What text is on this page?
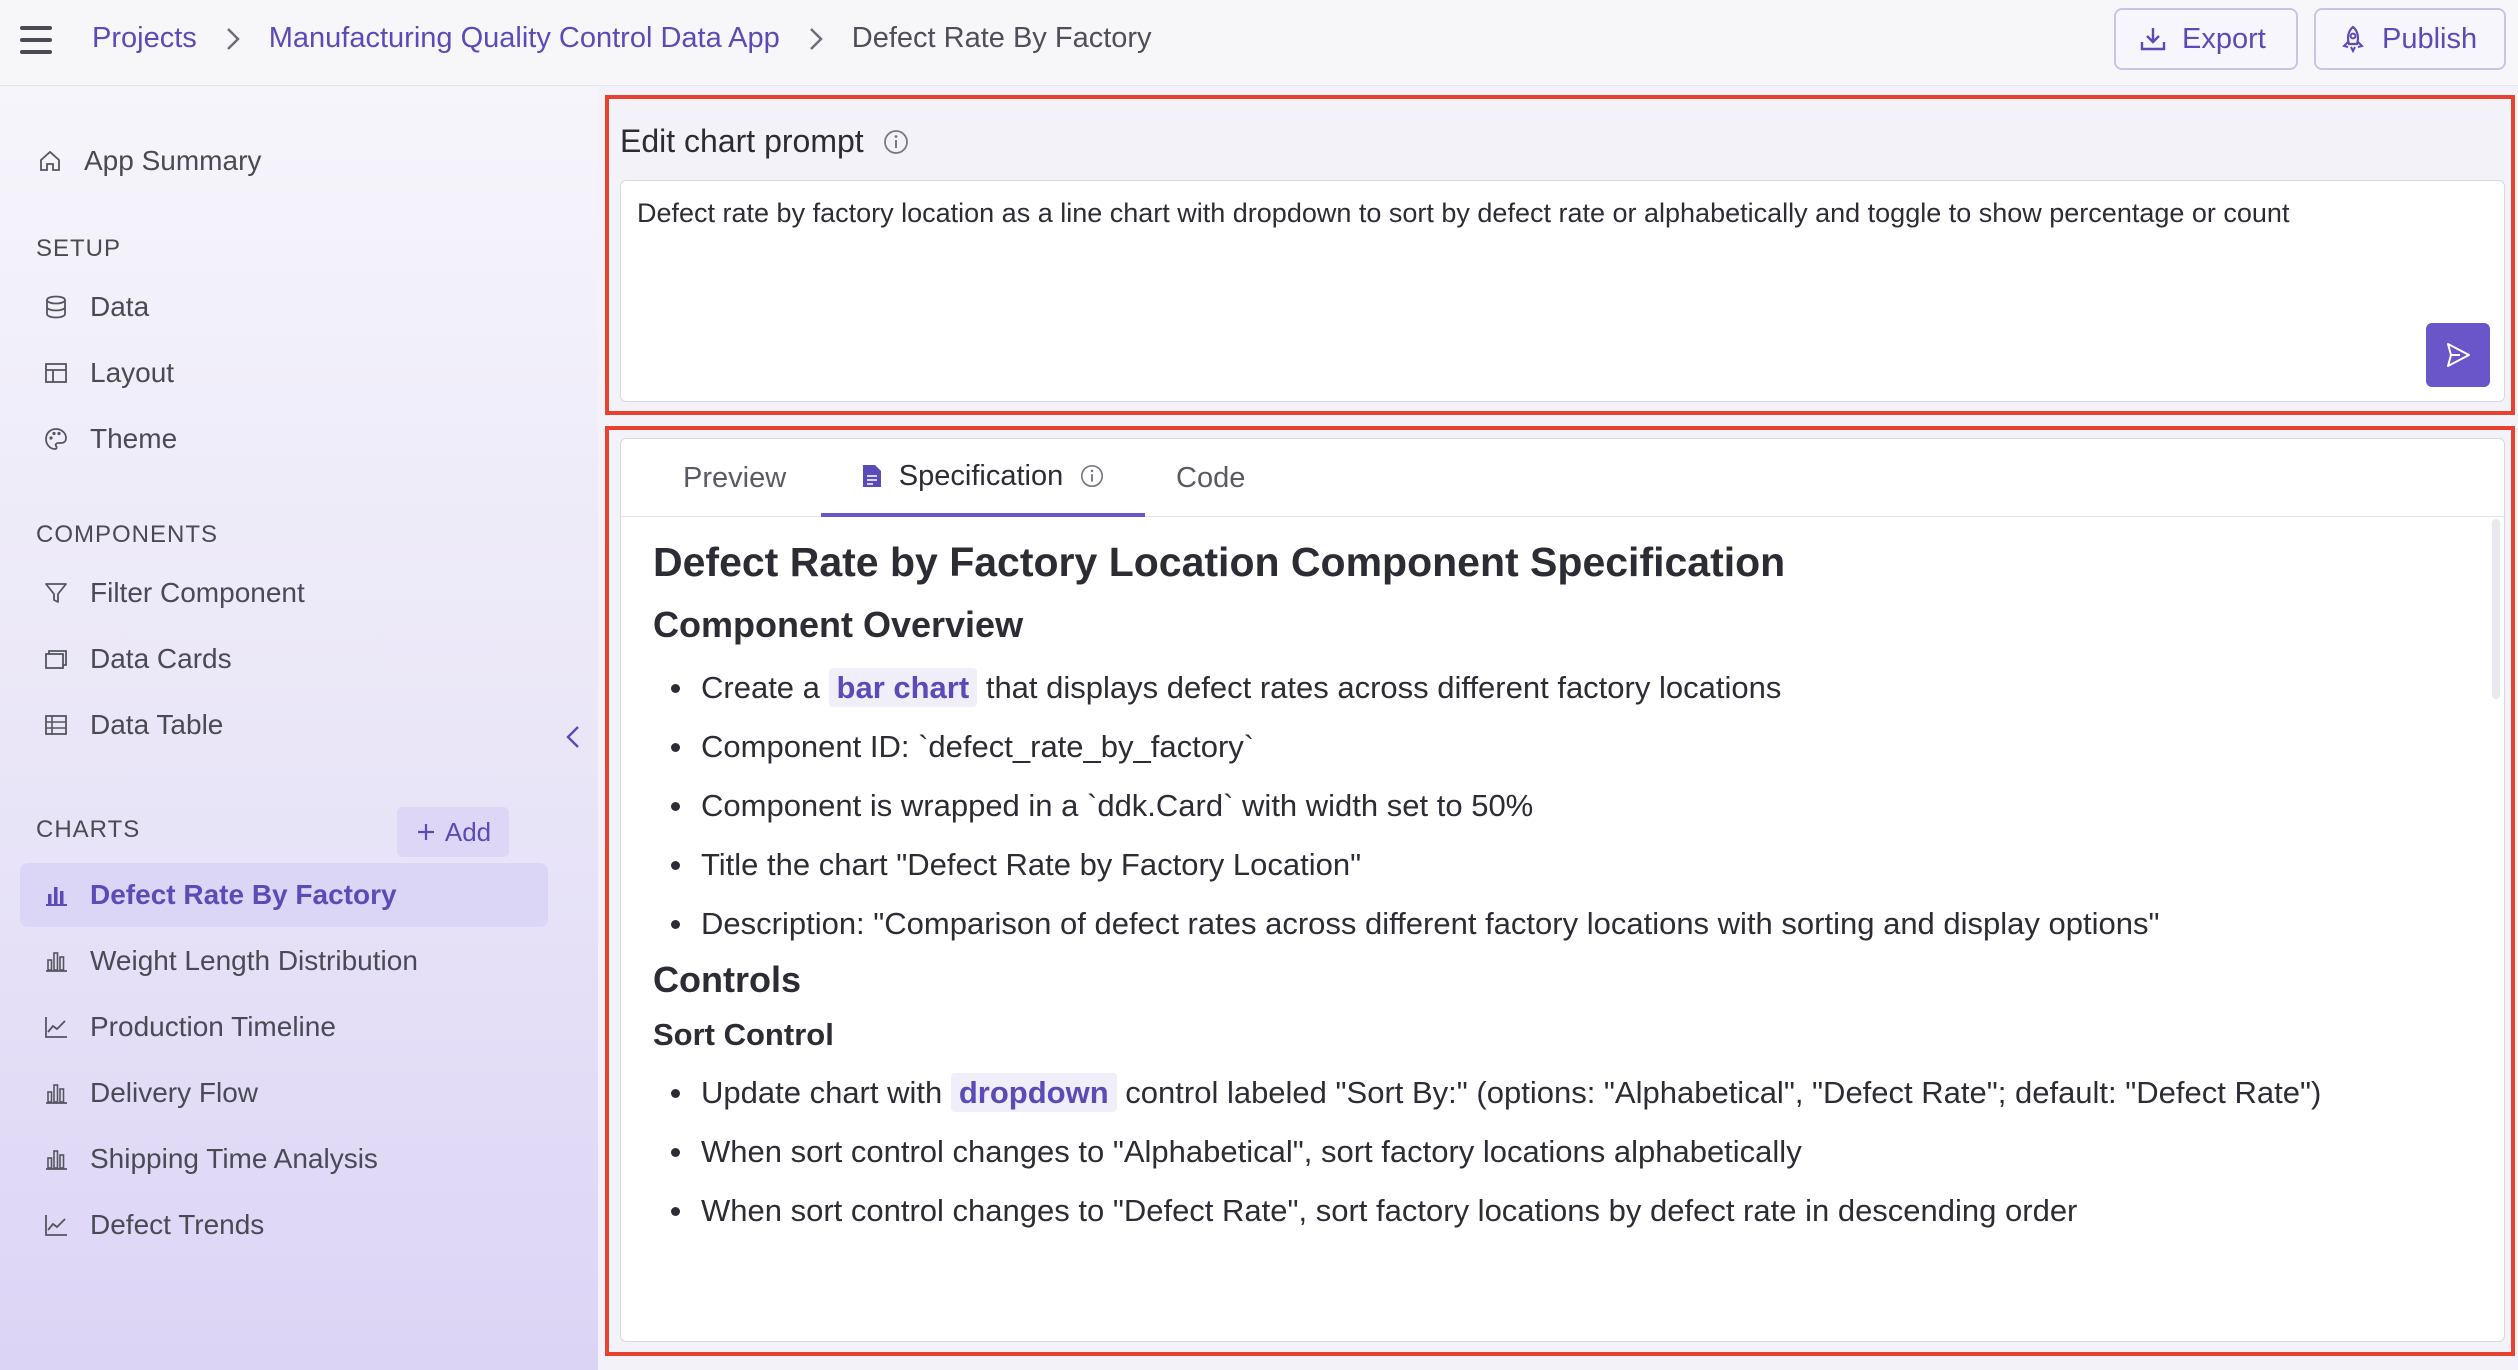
Projects Manufacturing Quality Control Data App Defect Rate By Factory	Export	Publish
App Summary
SETUP
Data
Layout
Theme
COMPONENTS
Filter Component
Data Cards
Data Table
CHARTS	Add
Defect Rate By Factory
Weight Length Distribution
Production Timeline
Delivery Flow
Shipping Time Analysis
Defect Trends
Edit chart prompt
Defect rate by factory location as a line chart with dropdown to sort by defect rate or alphabetically and toggle to show percentage or count
Preview	Specification	Code
Defect Rate by Factory Location Component Specification
Component Overview
Create a bar chart that displays defect rates across different factory locations
Component ID: `defect_rate_by_factory`
Component is wrapped in a `ddk.Card` with width set to 50%
Title the chart "Defect Rate by Factory Location"
Description: "Comparison of defect rates across different factory locations with sorting and display options"
Controls
Sort Control
Update chart with dropdown control labeled "Sort By:" (options: "Alphabetical", "Defect Rate"; default: "Defect Rate")
When sort control changes to "Alphabetical", sort factory locations alphabetically
When sort control changes to "Defect Rate", sort factory locations by defect rate in descending order
